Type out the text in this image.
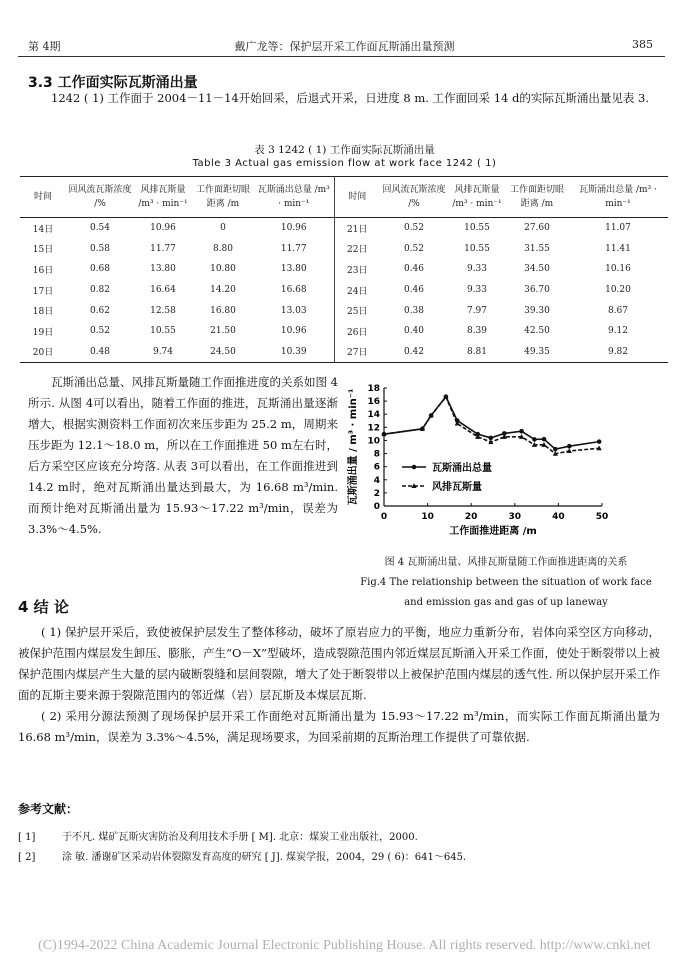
第 4期	戴广龙等：保护层开采工作面瓦斯涌出量预测	385
3.3 工作面实际瓦斯涌出量
1242 ( 1) 工作面于 2004－11－14开始回采，后退式开采，日进度 8 m. 工作面回采 14 d的实际瓦斯涌出量见表 3.
表 3 1242 ( 1) 工作面实际瓦斯涌出量
Table 3 Actual gas emission flow at work face 1242 ( 1)
时间	回风流瓦斯浓度 /%	风排瓦斯量 /m³ · min⁻¹	工作面距切眼距离 /m	瓦斯涌出总量 /m³ · min⁻¹	时间	回风流瓦斯浓度 /%	风排瓦斯量 /m³ · min⁻¹	工作面距切眼距离 /m	瓦斯涌出总量 /m³ · min⁻¹
14日	0.54	10.96	0	10.96	21日	0.52	10.55	27.60	11.07
15日	0.58	11.77	8.80	11.77	22日	0.52	10.55	31.55	11.41
16日	0.68	13.80	10.80	13.80	23日	0.46	9.33	34.50	10.16
17日	0.82	16.64	14.20	16.68	24日	0.46	9.33	36.70	10.20
18日	0.62	12.58	16.80	13.03	25日	0.38	7.97	39.30	8.67
19日	0.52	10.55	21.50	10.96	26日	0.40	8.39	42.50	9.12
20日	0.48	9.74	24.50	10.39	27日	0.42	8.81	49.35	9.82
瓦斯涌出总量、风排瓦斯量随工作面推进度的关系如图 4所示. 从图 4可以看出，随着工作面的推进，瓦斯涌出量逐渐增大，根据实测资料工作面初次来压步距为 25.2 m，周期来压步距为 12.1～18.0 m，所以在工作面推进 50 m左右时，后方采空区应该充分垮落. 从表 3可以看出，在工作面推进到 14.2 m时，绝对瓦斯涌出量达到最大，为 16.68 m³/min. 而预计绝对瓦斯涌出量为 15.93～17.22 m³/min，误差为 3.3%～4.5%.
0	10	20	30	40	50
0
2
4
6
8
10
12
14
16
18
工作面推进距离 /m
瓦斯涌出量 / m³ · min⁻¹	瓦斯涌出总量
风排瓦斯量
图 4 瓦斯涌出量、风排瓦斯量随工作面推进距离的关系
Fig.4 The relationship between the situation of work face
and emission gas and gas of up laneway
4 结 论

( 1) 保护层开采后，致使被保护层发生了整体移动，破坏了原岩应力的平衡，地应力重新分布，岩体向采空区方向移动，被保护范围内煤层发生卸压、膨胀，产生“O－X”型破坏，造成裂隙范围内邻近煤层瓦斯涌入开采工作面，使处于断裂带以上被保护范围内煤层产生大量的层内破断裂缝和层间裂隙，增大了处于断裂带以上被保护范围内煤层的透气性. 所以保护层开采工作面的瓦斯主要来源于裂隙范围内的邻近煤（岩）层瓦斯及本煤层瓦斯.

( 2) 采用分源法预测了现场保护层开采工作面绝对瓦斯涌出量为 15.93～17.22 m³/min，而实际工作面瓦斯涌出量为 16.68 m³/min，误差为 3.3%～4.5%，满足现场要求，为回采前期的瓦斯治理工作提供了可靠依据.

参考文献：
[ 1]	于不凡. 煤矿瓦斯灾害防治及利用技术手册 [ M]. 北京：煤炭工业出版社，2000.
[ 2]	涂 敏. 潘谢矿区采动岩体裂隙发育高度的研究 [ J]. 煤炭学报，2004，29 ( 6)：641～645.
(C)1994-2022 China Academic Journal Electronic Publishing House. All rights reserved. http://www.cnki.net
